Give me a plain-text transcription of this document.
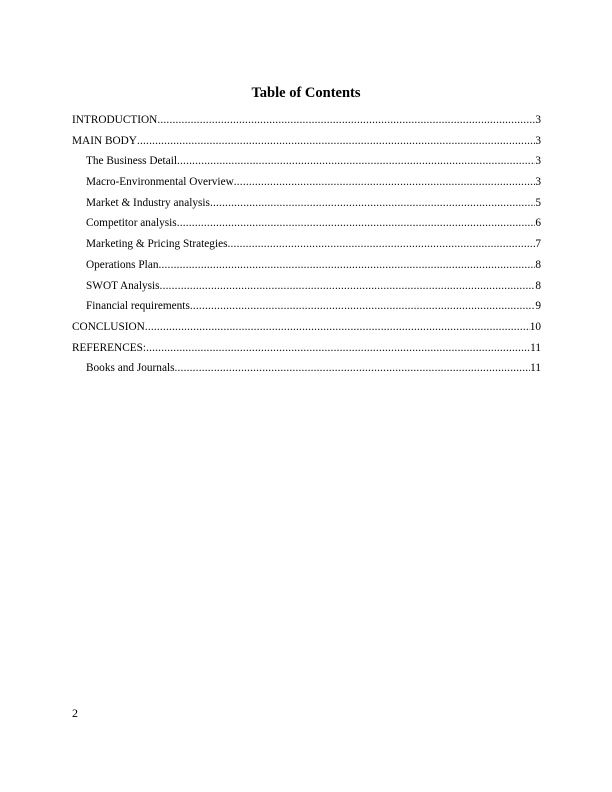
Table of Contents
INTRODUCTION .....	3
MAIN BODY .....	3
The Business Detail .....	3
Macro-Environmental Overview .....	3
Market & Industry analysis .....	5
Competitor analysis .....	6
Marketing & Pricing Strategies .....	7
Operations Plan .....	8
SWOT Analysis .....	8
Financial requirements .....	9
CONCLUSION .....	10
REFERENCES: .....	11
Books and Journals .....	11
2
